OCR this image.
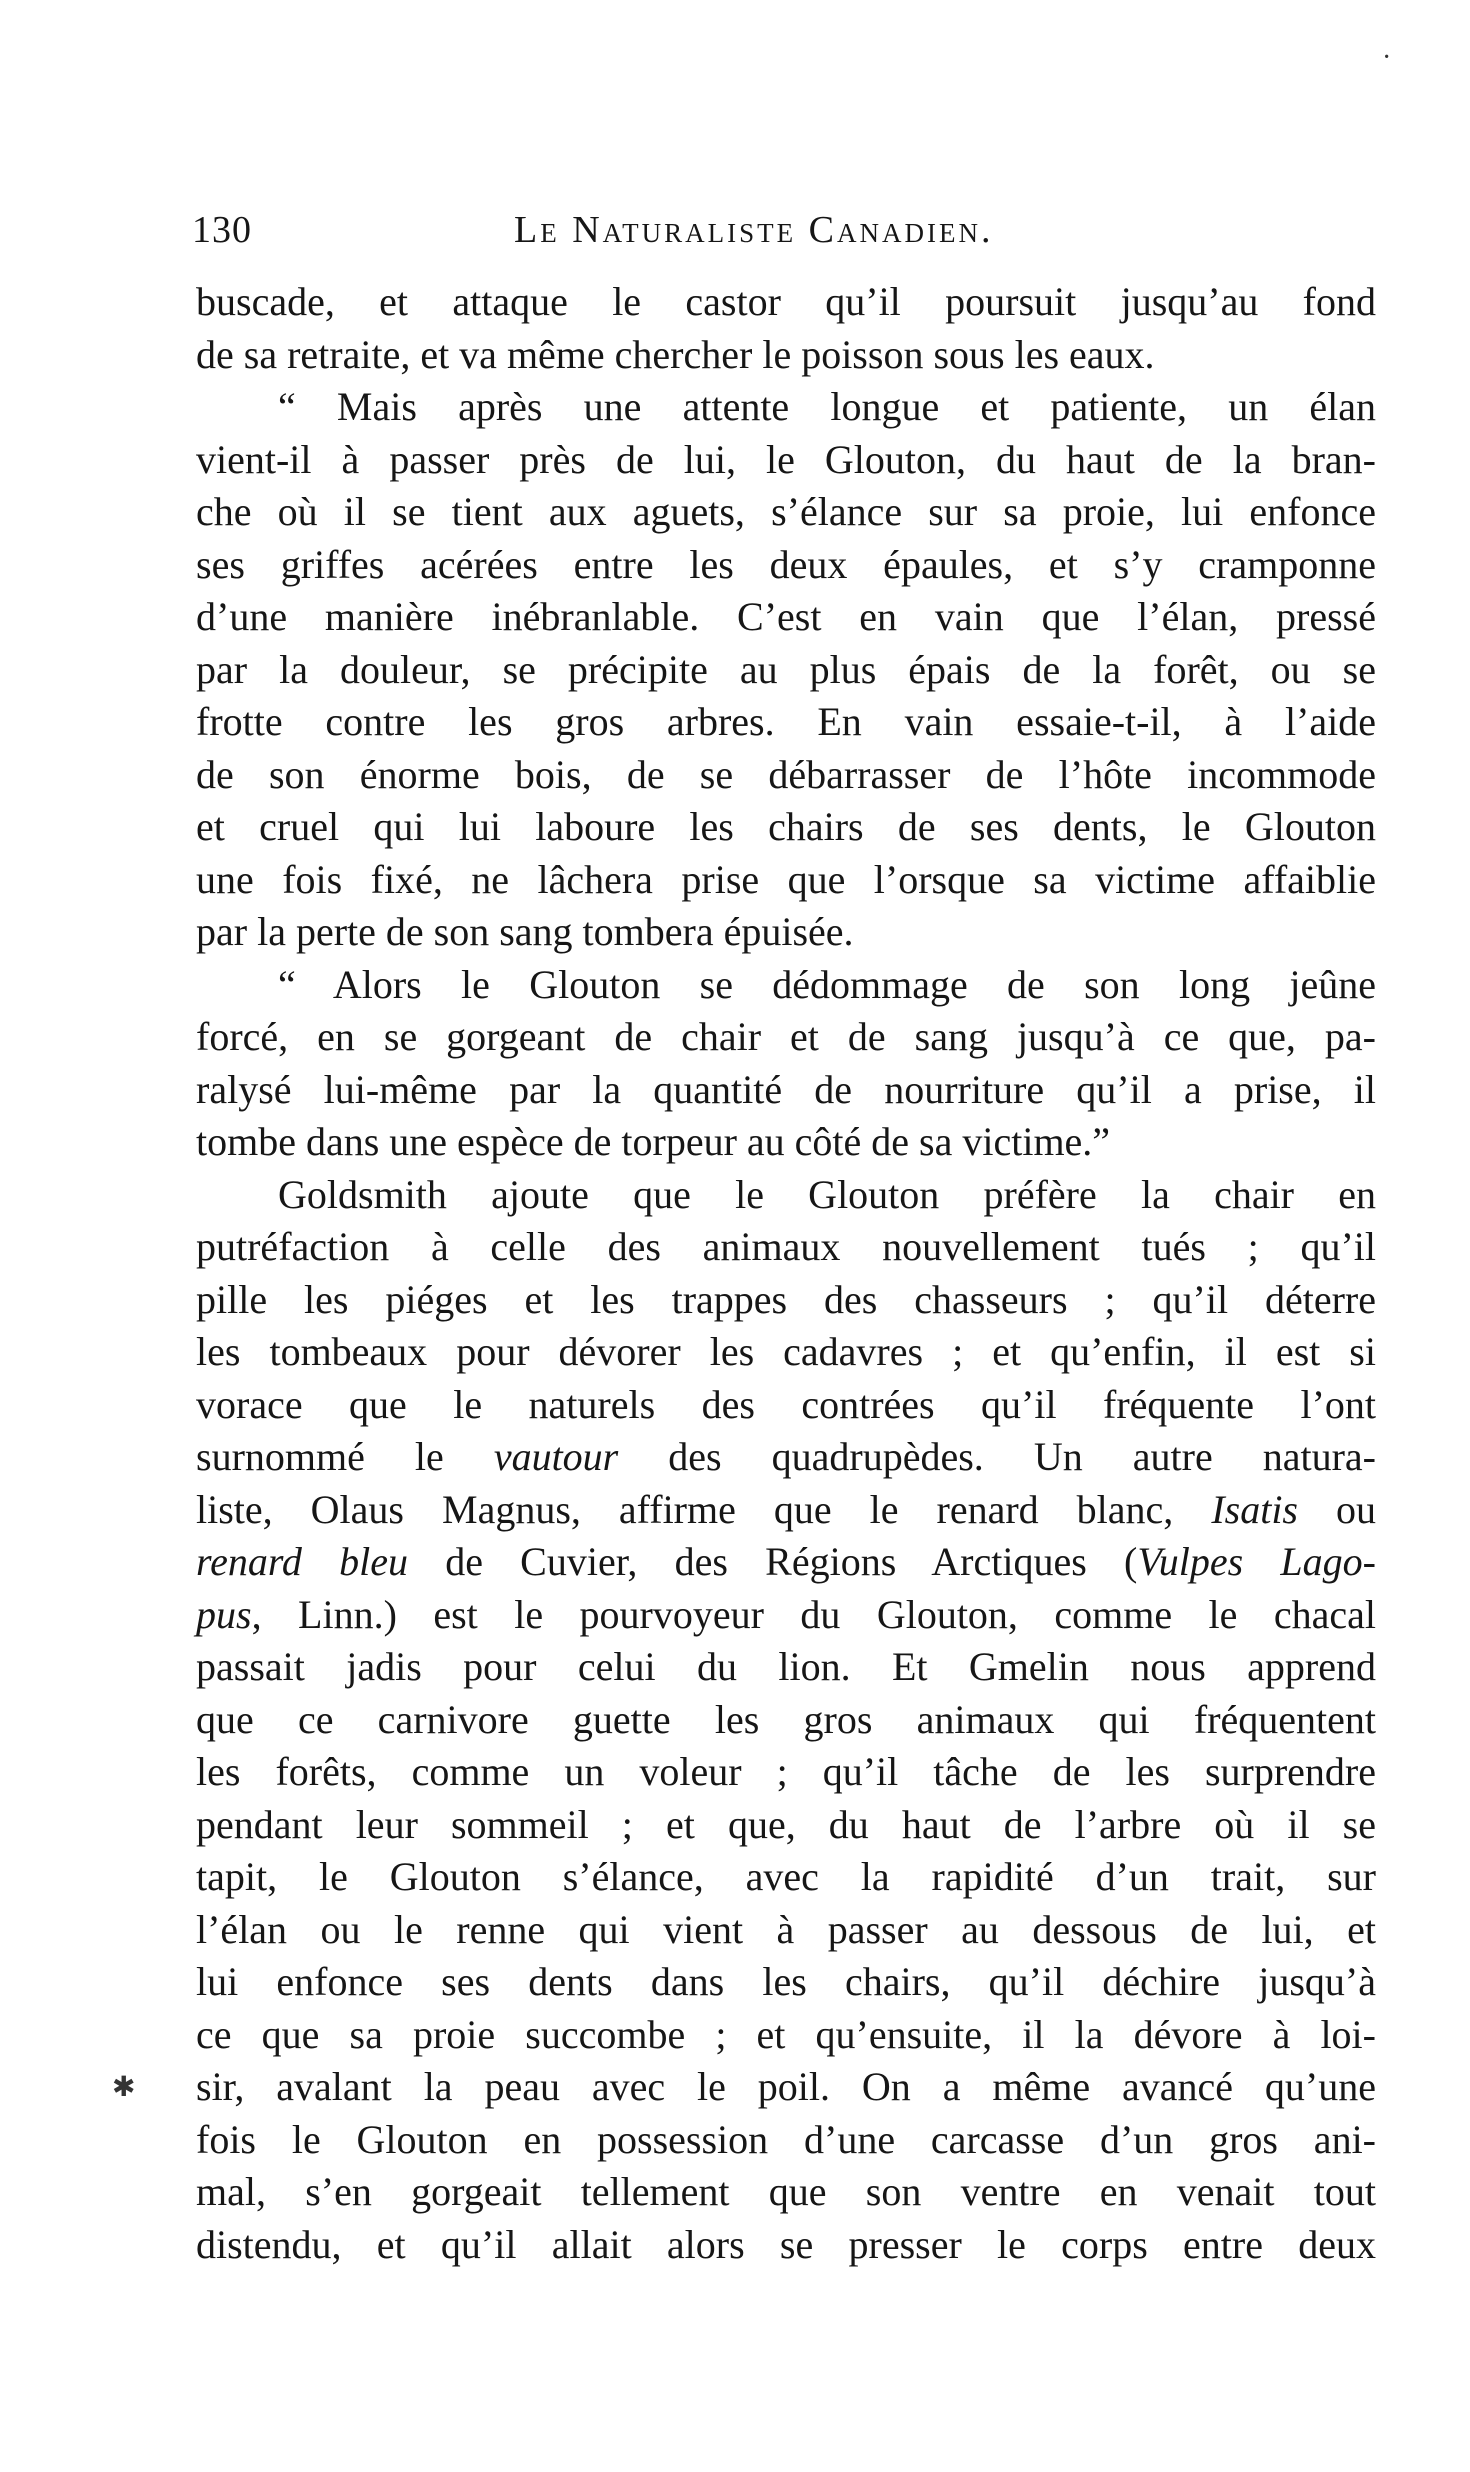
130	Le Naturaliste Canadien.
buscade, et attaque le castor qu’il poursuit jusqu’au fond
de sa retraite, et va même chercher le poisson sous les eaux.
“ Mais après une attente longue et patiente, un élan
vient-il à passer près de lui, le Glouton, du haut de la bran-
che où il se tient aux aguets, s’élance sur sa proie, lui enfonce
ses griffes acérées entre les deux épaules, et s’y cramponne
d’une manière inébranlable. C’est en vain que l’élan, pressé
par la douleur, se précipite au plus épais de la forêt, ou se
frotte contre les gros arbres. En vain essaie-t-il, à l’aide
de son énorme bois, de se débarrasser de l’hôte incommode
et cruel qui lui laboure les chairs de ses dents, le Glouton
une fois fixé, ne lâchera prise que l’orsque sa victime affaiblie
par la perte de son sang tombera épuisée.
“ Alors le Glouton se dédommage de son long jeûne
forcé, en se gorgeant de chair et de sang jusqu’à ce que, pa-
ralysé lui-même par la quantité de nourriture qu’il a prise, il
tombe dans une espèce de torpeur au côté de sa victime.”
Goldsmith ajoute que le Glouton préfère la chair en
putréfaction à celle des animaux nouvellement tués ; qu’il
pille les piéges et les trappes des chasseurs ; qu’il déterre
les tombeaux pour dévorer les cadavres ; et qu’enfin, il est si
vorace que le naturels des contrées qu’il fréquente l’ont
surnommé le vautour des quadrupèdes. Un autre natura-
liste, Olaus Magnus, affirme que le renard blanc, Isatis ou
renard bleu de Cuvier, des Régions Arctiques (Vulpes Lago-
pus, Linn.) est le pourvoyeur du Glouton, comme le chacal
passait jadis pour celui du lion. Et Gmelin nous apprend
que ce carnivore guette les gros animaux qui fréquentent
les forêts, comme un voleur ; qu’il tâche de les surprendre
pendant leur sommeil ; et que, du haut de l’arbre où il se
tapit, le Glouton s’élance, avec la rapidité d’un trait, sur
l’élan ou le renne qui vient à passer au dessous de lui, et
lui enfonce ses dents dans les chairs, qu’il déchire jusqu’à
ce que sa proie succombe ; et qu’ensuite, il la dévore à loi-
sir, avalant la peau avec le poil. On a même avancé qu’une
fois le Glouton en possession d’une carcasse d’un gros ani-
mal, s’en gorgeait tellement que son ventre en venait tout
distendu, et qu’il allait alors se presser le corps entre deux
·
✱
